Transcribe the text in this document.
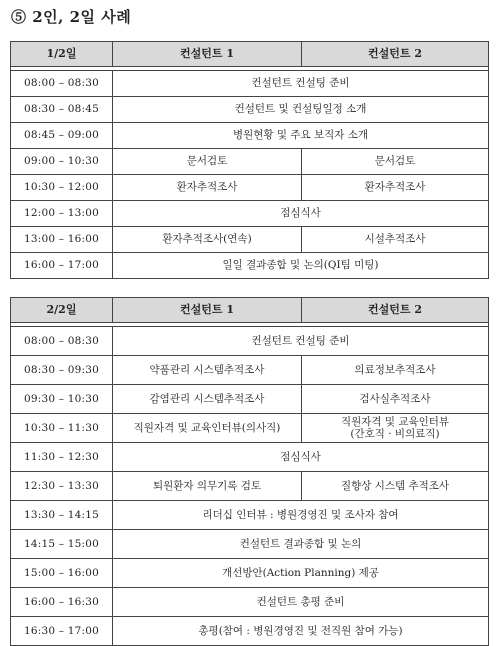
⑤ 2인, 2일 사례
1/2일	컨설턴트 1	컨설턴트 2

08:00 – 08:30	컨설턴트 컨설팅 준비	
08:30 – 08:45	컨설턴트 및 컨설팅일정 소개	
08:45 – 09:00	병원현황 및 주요 보직자 소개	
09:00 – 10:30	문서검토	문서검토

10:30 – 12:00	환자추적조사	환자추적조사

12:00 – 13:00	점심식사	
13:00 – 16:00	환자추적조사(연속)	시설추적조사

16:00 – 17:00	일일 결과종합 및 논의(QI팀 미팅)	
2/2일	컨설턴트 1	컨설턴트 2

08:00 – 08:30	컨설턴트 컨설팅 준비	
08:30 – 09:30	약품관리 시스템추적조사	의료정보추적조사

09:30 – 10:30	감염관리 시스템추적조사	검사실추적조사

10:30 – 11:30	직원자격 및 교육인터뷰(의사직)	직원자격 및 교육인터뷰
(간호직 · 비의료직)

11:30 – 12:30	점심식사	
12:30 – 13:30	퇴원환자 의무기록 검토	질향상 시스템 추적조사

13:30 – 14:15	리더십 인터뷰 : 병원경영진 및 조사자 참여	
14:15 – 15:00	컨설턴트 결과종합 및 논의	
15:00 – 16:00	개선방안(Action Planning) 제공	
16:00 – 16:30	컨설턴트 총평 준비	
16:30 – 17:00	총평(참여 : 병원경영진 및 전직원 참여 가능)	
